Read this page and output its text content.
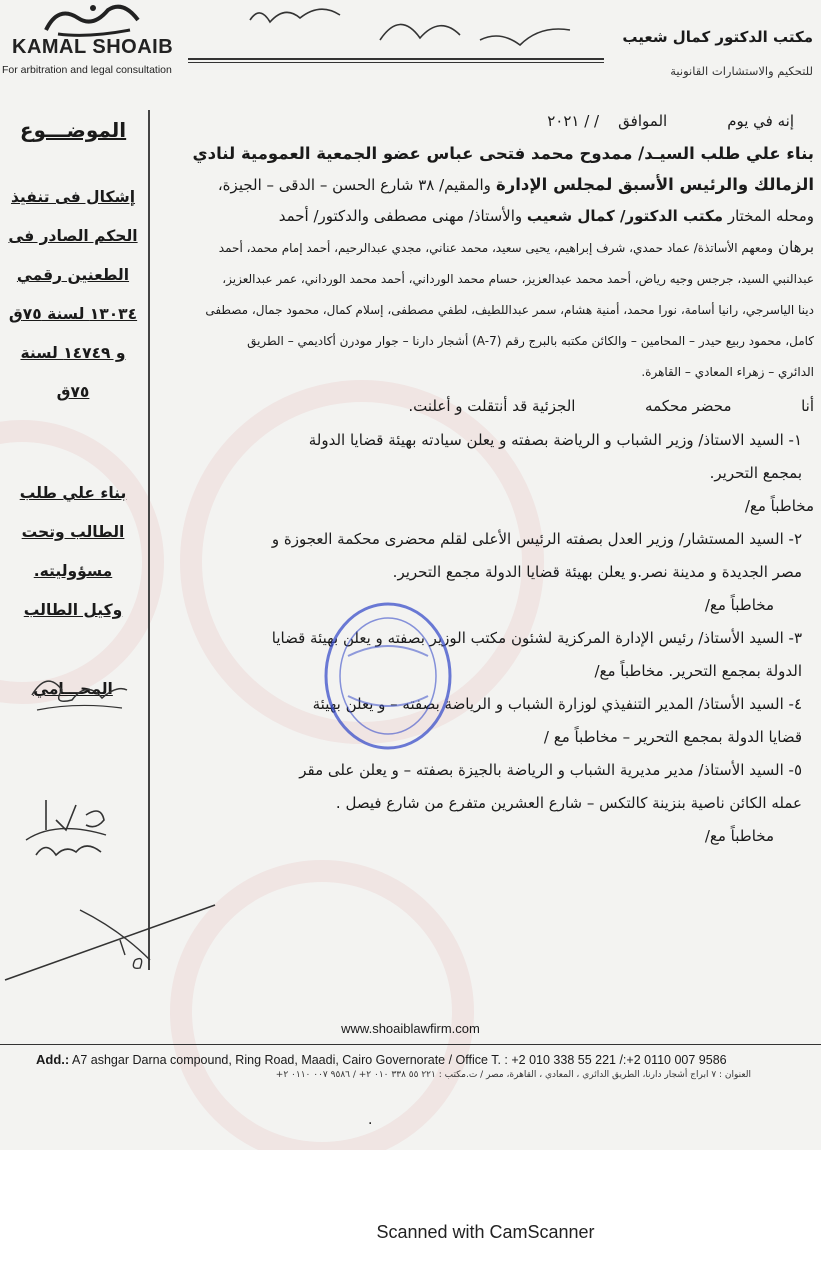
KAMAL SHOAIB
For arbitration and legal consultation
مكتب الدكتور كمال شعيب
للتحكيم والاستشارات القانونية
الموضـــوع
إشكال فى تنفيذ
الحكم الصادر فى
الطعنين رقمي
١٣٠٣٤ لسنة ٧٥ق
و ١٤٧٤٩ لسنة
٧٥ق
بناء علي طلب
الطالب وتحت
مسؤوليته.
وكيل الطالب
المحـــامي

إنه في يومالموافق    / / ٢٠٢١

بناء علي طلب السيـد/ ممدوح محمد فتحى عباس عضو الجمعية العمومية لنادي

الزمالك والرئيس الأسبق لمجلس الإدارة والمقيم/ ٣٨ شارع الحسن – الدقى – الجيزة،

ومحله المختار مكتب الدكتور/ كمال شعيب والأستاذ/ مهنى مصطفى والدكتور/ أحمد

برهان ومعهم الأساتذة/ عماد حمدي، شرف إبراهيم، يحيى سعيد، محمد عناني، مجدي عبدالرحيم، أحمد إمام محمد، أحمد

عبدالنبي السيد، جرجس وجيه رياض، أحمد محمد عبدالعزيز، حسام محمد الورداني، أحمد محمد الورداني، عمر عبدالعزيز،

دينا الياسرجي، رانيا أسامة، نورا محمد، أمنية هشام، سمر عبداللطيف، لطفي مصطفى، إسلام كمال، محمود جمال، مصطفى

كامل، محمود ربيع حيدر – المحامين – والكائن مكتبه بالبرج رقم (A-7) أشجار دارنا – جوار مودرن أكاديمي – الطريق

الدائري – زهراء المعادي – القاهرة.

أنا  محضر محكمه  الجزئية قد أنتقلت و أعلنت.

١- السيد الاستاذ/ وزير الشباب و الرياضة بصفته و يعلن سيادته بهيئة قضايا الدولة

بمجمع التحرير.

مخاطباً مع/

٢- السيد المستشار/ وزير العدل بصفته الرئيس الأعلى لقلم محضرى محكمة العجوزة و

مصر الجديدة و مدينة نصر.و يعلن بهيئة قضايا الدولة مجمع التحرير.

مخاطباً مع/

٣- السيد الأستاذ/ رئيس الإدارة المركزية لشئون مكتب الوزير بصفته و يعلن بهيئة قضايا

الدولة بمجمع التحرير. مخاطباً مع/

٤- السيد الأستاذ/ المدير التنفيذي لوزارة الشباب و الرياضة بصفته – و يعلن بهيئة

قضايا الدولة بمجمع التحرير – مخاطباً مع /

٥- السيد الأستاذ/ مدير مديرية الشباب و الرياضة بالجيزة بصفته – و يعلن على مقر

عمله الكائن ناصية بنزينة كالتكس – شارع العشرين متفرع من شارع فيصل .

مخاطباً مع/

www.shoaiblawfirm.com
Add.: A7 ashgar Darna compound, Ring Road, Maadi, Cairo Governorate / Office T. : +2 010 338 55 221 /:+2 0110 007 9586
العنوان : ٧ ابراج أشجار دارنا، الطريق الدائري ، المعادي ، القاهرة، مصر / ت.مكتب : ٢٢١ ٥٥ ٣٣٨ ٠١٠ ٢+ / ٩٥٨٦ ٠٠٧ ٠١١٠ ٢+
.
Scanned with CamScanner
